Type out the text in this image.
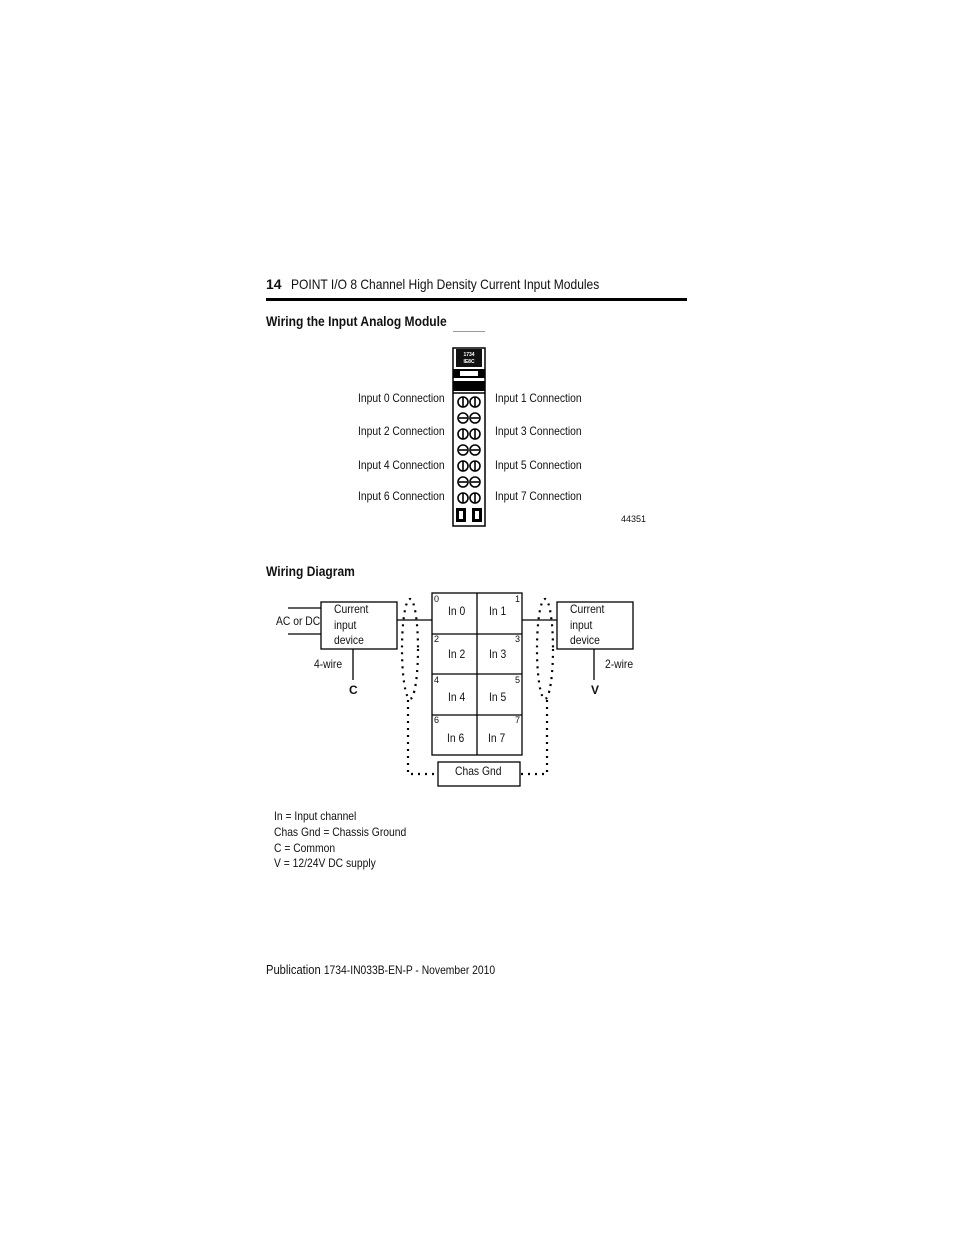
14 POINT I/O 8 Channel High Density Current Input Modules
Wiring the Input Analog Module
Input 0 Connection
Input 2 Connection
Input 4 Connection
Input 6 Connection
Input 1 Connection
Input 3 Connection
Input 5 Connection
Input 7 Connection
44351
1734
IE8C
Wiring Diagram
Current
input
device
AC or DC
4-wire
C
Current
input
device
2-wire
V
0	1
In 0 In 1
2	3
In 2 In 3
4	5
In 4 In 5
6	7
In 6 In 7
Chas Gnd
In = Input channel
Chas Gnd = Chassis Ground
C = Common
V = 12/24V DC supply
Publication 1734-IN033B-EN-P - November 2010
